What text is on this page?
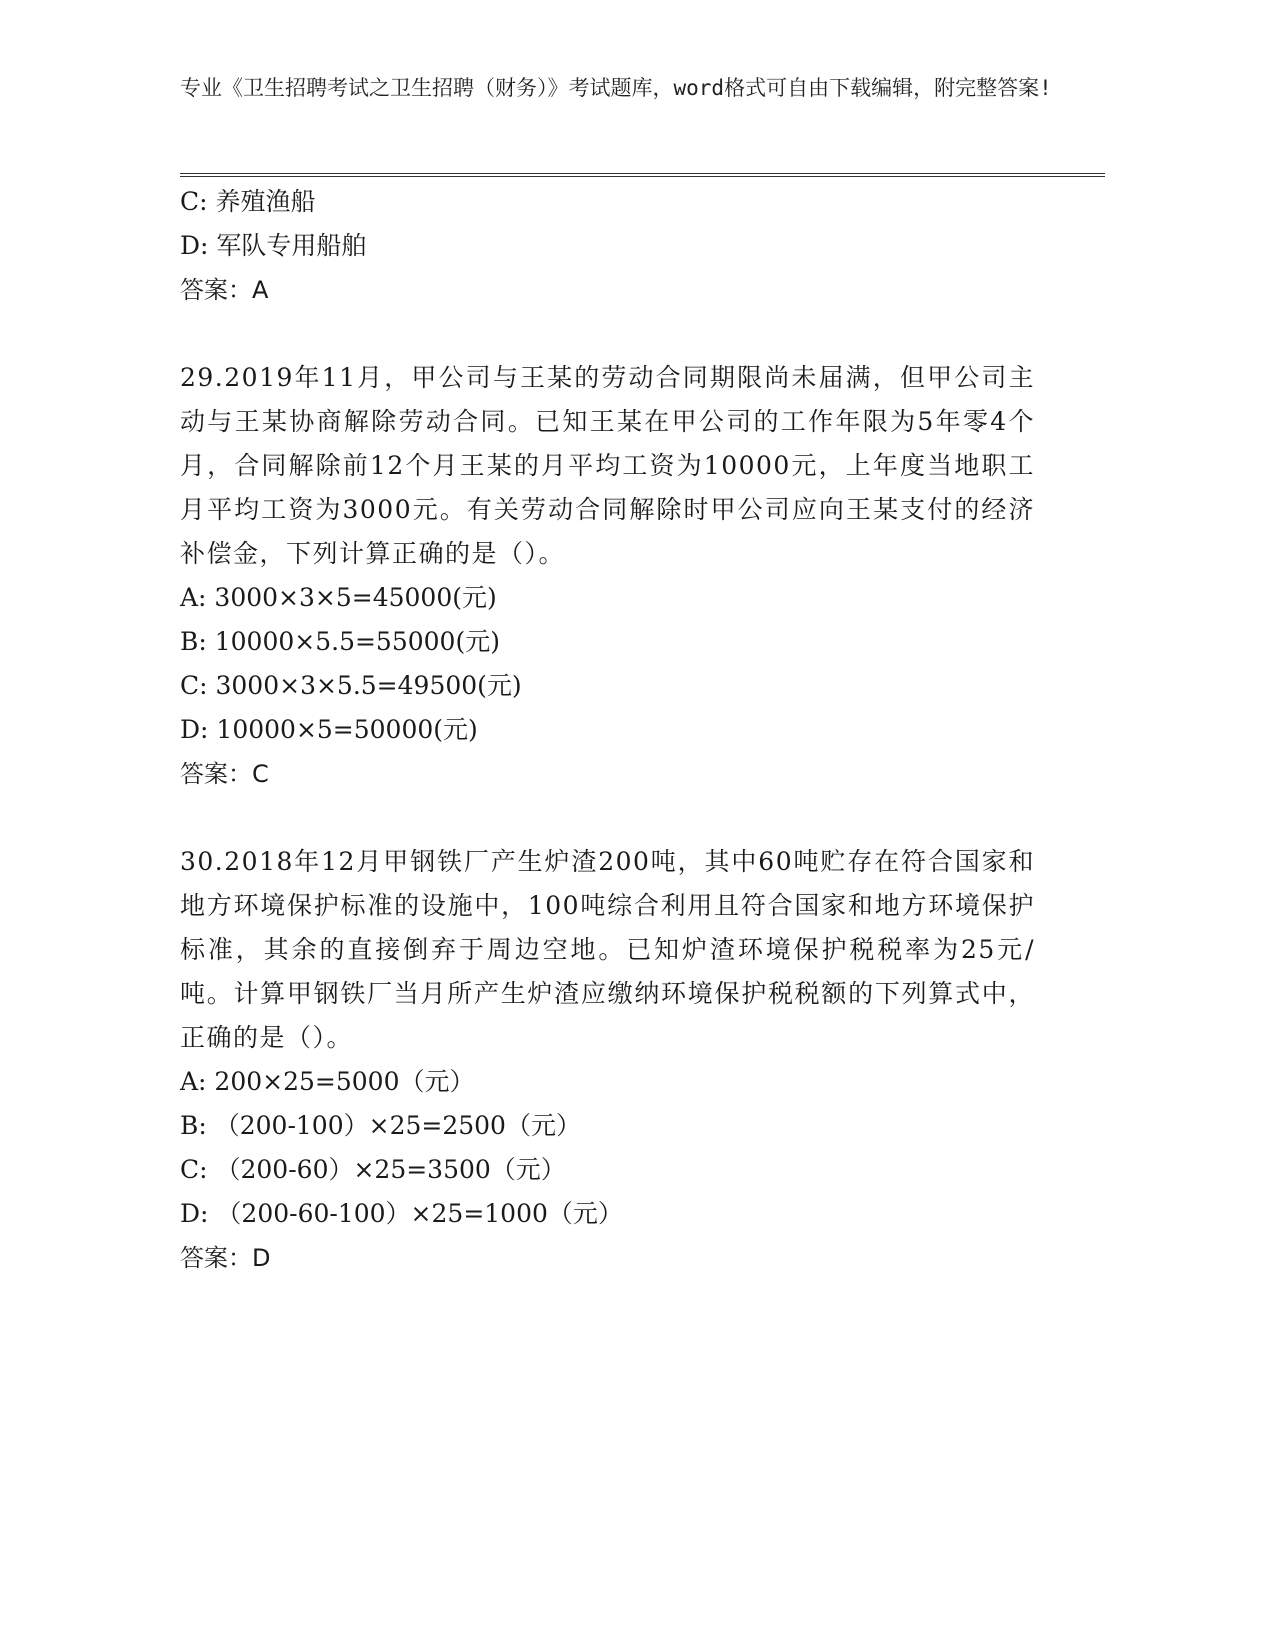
专业《卫生招聘考试之卫生招聘（财务）》考试题库，word格式可自由下载编辑，附完整答案!
C: 养殖渔船
D: 军队专用船舶
答案：A
29.2019年11月，甲公司与王某的劳动合同期限尚未届满，但甲公司主动与王某协商解除劳动合同。已知王某在甲公司的工作年限为5年零4个月，合同解除前12个月王某的月平均工资为10000元，上年度当地职工月平均工资为3000元。有关劳动合同解除时甲公司应向王某支付的经济补偿金，下列计算正确的是（）。
A: 3000×3×5=45000(元)
B: 10000×5.5=55000(元)
C: 3000×3×5.5=49500(元)
D: 10000×5=50000(元)
答案：C
30.2018年12月甲钢铁厂产生炉渣200吨，其中60吨贮存在符合国家和地方环境保护标准的设施中，100吨综合利用且符合国家和地方环境保护标准，其余的直接倒弃于周边空地。已知炉渣环境保护税税率为25元/吨。计算甲钢铁厂当月所产生炉渣应缴纳环境保护税税额的下列算式中，正确的是（）。
A: 200×25=5000（元）
B: （200-100）×25=2500（元）
C: （200-60）×25=3500（元）
D: （200-60-100）×25=1000（元）
答案：D
